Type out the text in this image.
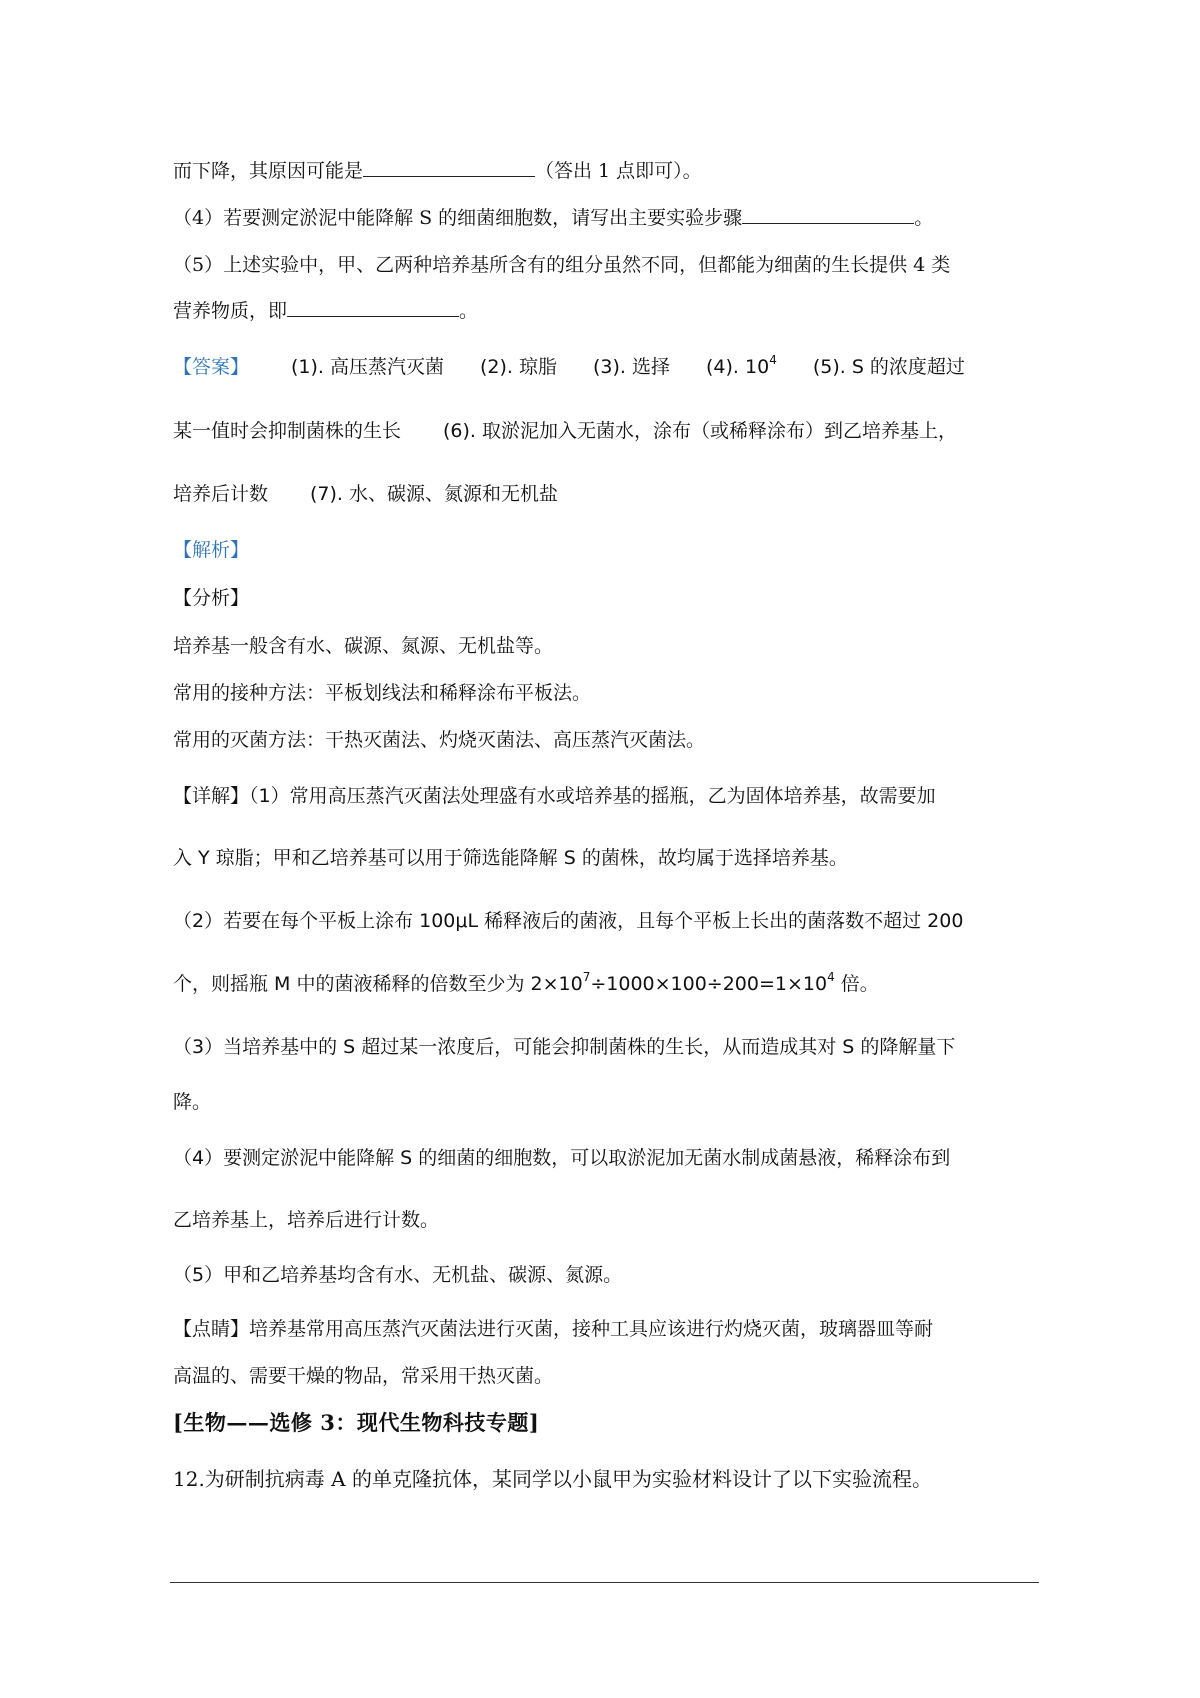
而下降，其原因可能是	（答出 1 点即可）。
（4）若要测定淤泥中能降解 S 的细菌细胞数，请写出主要实验步骤	。
（5）上述实验中，甲、乙两种培养基所含有的组分虽然不同，但都能为细菌的生长提供 4 类
营养物质，即	。
【答案】 (1). 高压蒸汽灭菌 (2). 琼脂 (3). 选择 (4). $10^4$ (5). S 的浓度超过
某一值时会抑制菌株的生长 (6). 取淤泥加入无菌水，涂布（或稀释涂布）到乙培养基上，
培养后计数 (7). 水、碳源、氮源和无机盐
【解析】
【分析】
培养基一般含有水、碳源、氮源、无机盐等。
常用的接种方法：平板划线法和稀释涂布平板法。
常用的灭菌方法：干热灭菌法、灼烧灭菌法、高压蒸汽灭菌法。
【详解】（1）常用高压蒸汽灭菌法处理盛有水或培养基的摇瓶，乙为固体培养基，故需要加
入 Y 琼脂；甲和乙培养基可以用于筛选能降解 S 的菌株，故均属于选择培养基。
（2）若要在每个平板上涂布 100μL 稀释液后的菌液，且每个平板上长出的菌落数不超过 200
个，则摇瓶 M 中的菌液稀释的倍数至少为 $2\times 10^7\div 1000\times 100\div 200=1\times 10^4$ 倍。
（3）当培养基中的 S 超过某一浓度后，可能会抑制菌株的生长，从而造成其对 S 的降解量下
降。
（4）要测定淤泥中能降解 S 的细菌的细胞数，可以取淤泥加无菌水制成菌悬液，稀释涂布到
乙培养基上，培养后进行计数。
（5）甲和乙培养基均含有水、无机盐、碳源、氮源。
【点睛】培养基常用高压蒸汽灭菌法进行灭菌，接种工具应该进行灼烧灭菌，玻璃器皿等耐
高温的、需要干燥的物品，常采用干热灭菌。
[生物——选修 3：现代生物科技专题]
12.为研制抗病毒 A 的单克隆抗体，某同学以小鼠甲为实验材料设计了以下实验流程。
